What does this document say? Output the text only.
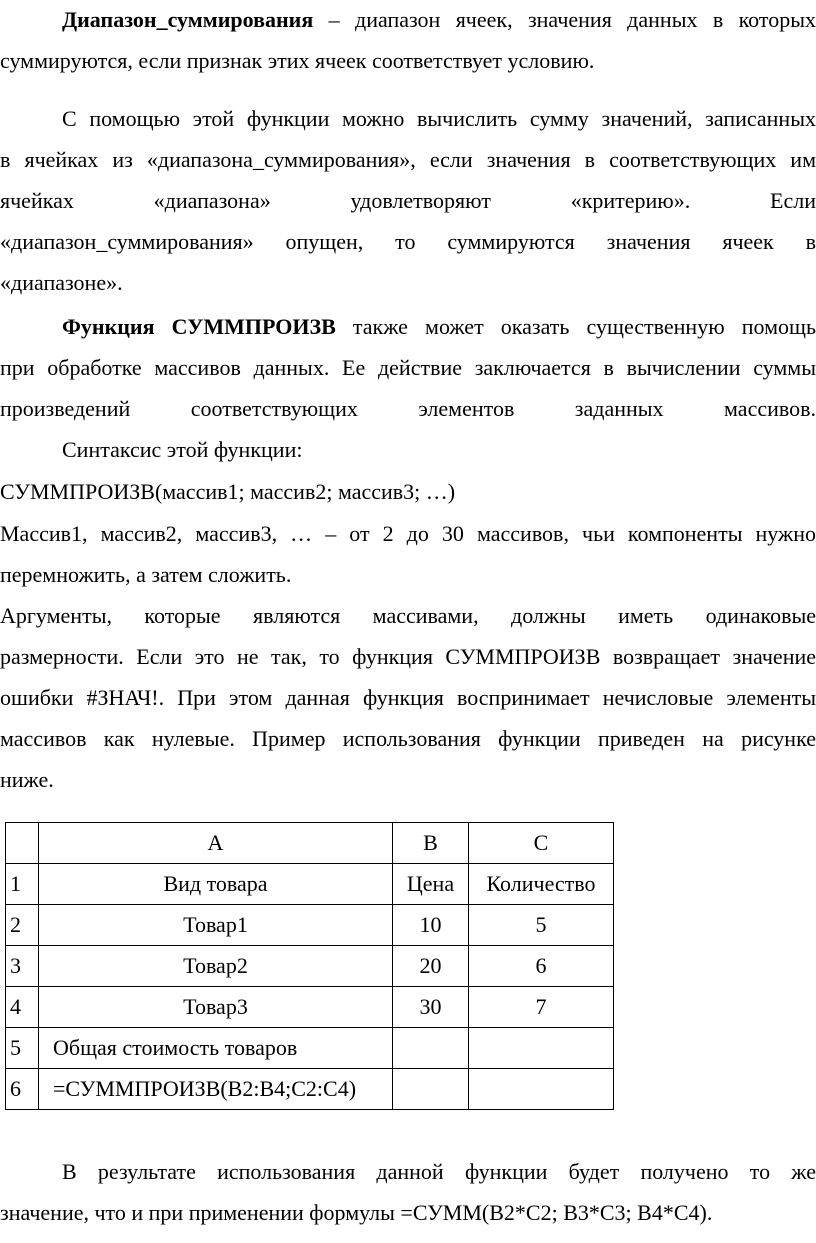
Диапазон_суммирования – диапазон ячеек, значения данных в которых
суммируются, если признак этих ячеек соответствует условию.
С помощью этой функции можно вычислить сумму значений, записанных
в ячейках из «диапазона_суммирования», если значения в соответствующих им
ячейках «диапазона» удовлетворяют «критерию». Если
«диапазон_суммирования» опущен, то суммируются значения ячеек в
«диапазоне».
Функция СУММПРОИЗВ также может оказать существенную помощь
при обработке массивов данных. Ее действие заключается в вычислении суммы
произведений соответствующих элементов заданных массивов.
Синтаксис этой функции:
СУММПРОИЗВ(массив1; массив2; массив3; …)
Массив1, массив2, массив3, … – от 2 до 30 массивов, чьи компоненты нужно
перемножить, а затем сложить.
Аргументы, которые являются массивами, должны иметь одинаковые
размерности. Если это не так, то функция СУММПРОИЗВ возвращает значение
ошибки #ЗНАЧ!. При этом данная функция воспринимает нечисловые элементы
массивов как нулевые. Пример использования функции приведен на рисунке
ниже.
	A	B	C
1	Вид товара	Цена	Количество
2	Товар1	10	5
3	Товар2	20	6
4	Товар3	30	7
5	Общая стоимость товаров		
6	=СУММПРОИЗВ(B2:B4;C2:C4)		
В результате использования данной функции будет получено то же
значение, что и при применении формулы =СУММ(B2*C2; B3*C3; B4*C4).
